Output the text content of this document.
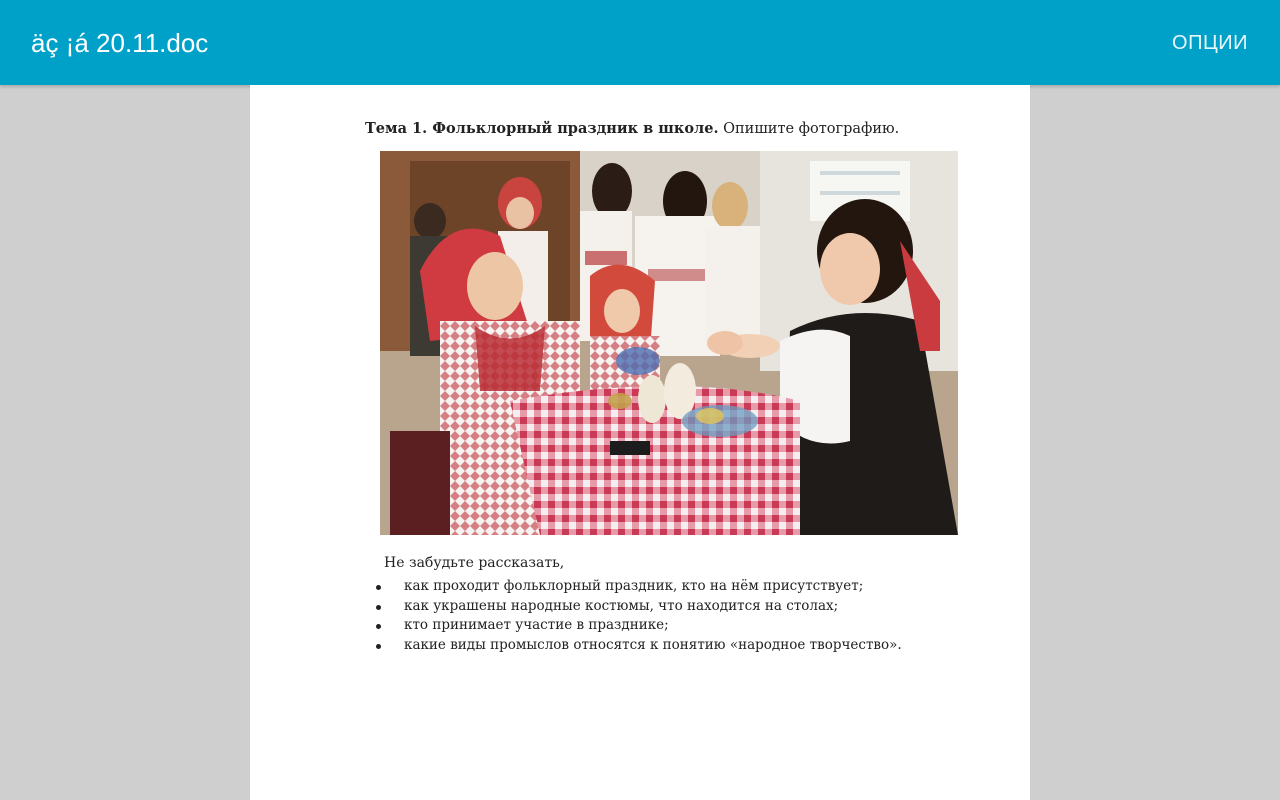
äç ¡á 20.11.doc	ОПЦИИ
Тема 1. Фольклорный праздник в школе. Опишите фотографию.
Не забудьте рассказать,
как проходит фольклорный праздник, кто на нём присутствует;
как украшены народные костюмы, что находится на столах;
кто принимает участие в празднике;
какие виды промыслов относятся к понятию «народное творчество».
